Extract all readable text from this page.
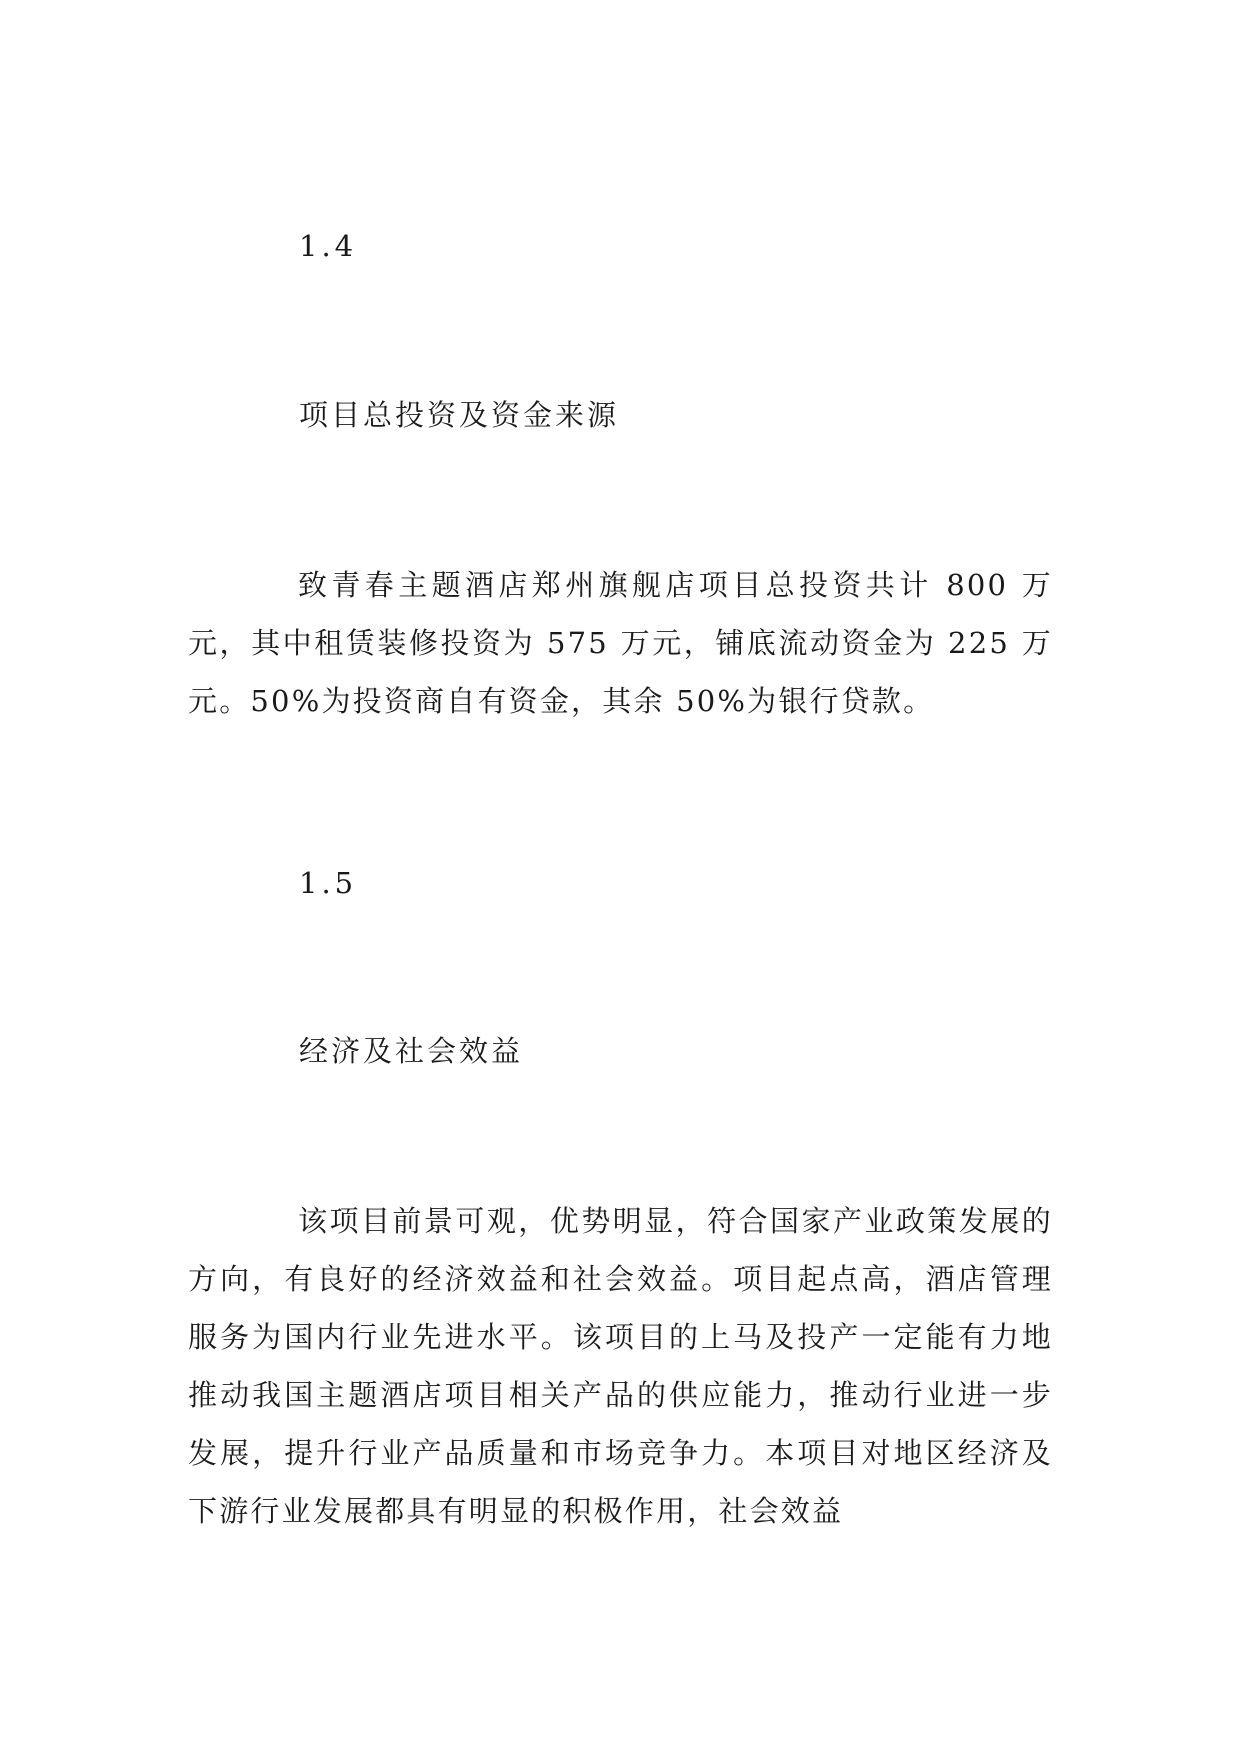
1.4
项目总投资及资金来源
致青春主题酒店郑州旗舰店项目总投资共计 800 万元，其中租赁装修投资为 575 万元，铺底流动资金为 225 万元。50%为投资商自有资金，其余 50%为银行贷款。
1.5
经济及社会效益
该项目前景可观，优势明显，符合国家产业政策发展的方向，有良好的经济效益和社会效益。项目起点高，酒店管理服务为国内行业先进水平。该项目的上马及投产一定能有力地推动我国主题酒店项目相关产品的供应能力，推动行业进一步发展，提升行业产品质量和市场竞争力。本项目对地区经济及下游行业发展都具有明显的积极作用，社会效益
